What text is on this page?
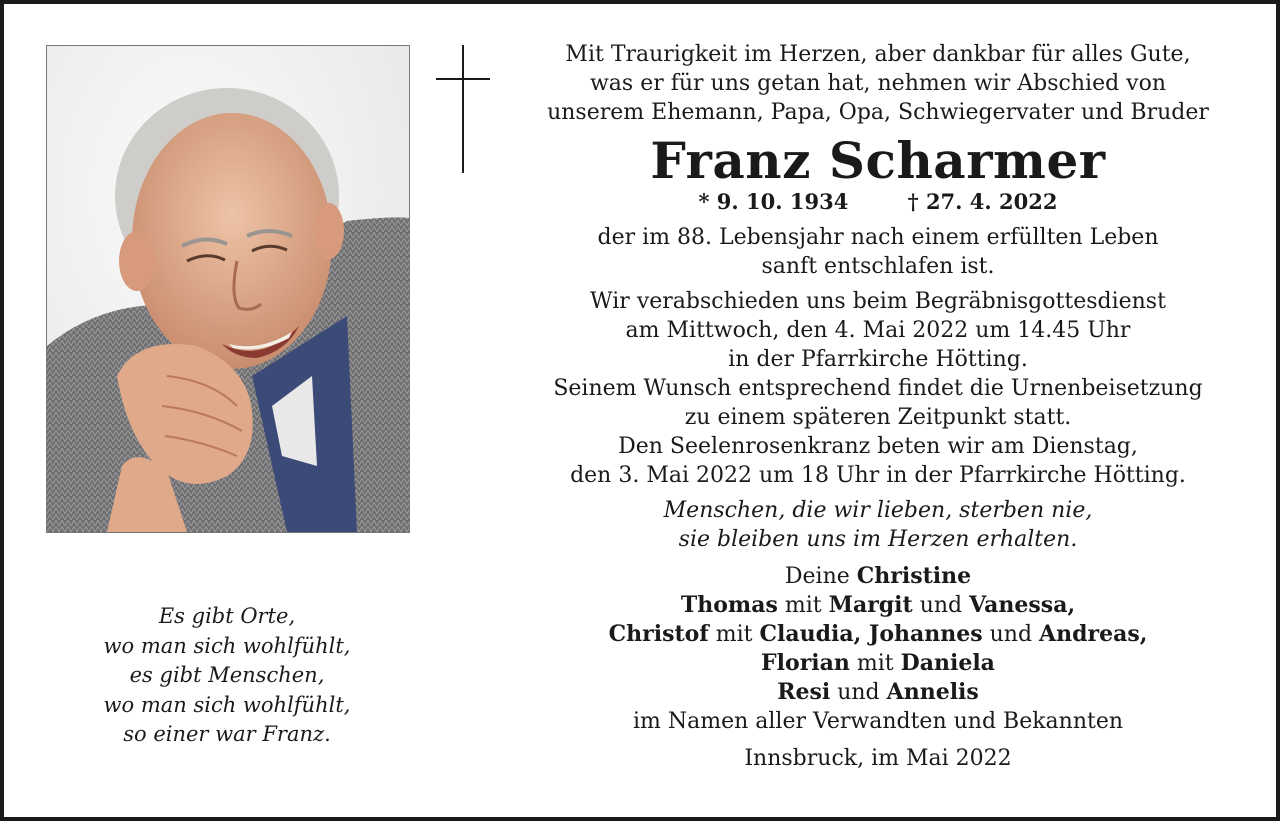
Mit Traurigkeit im Herzen, aber dankbar für alles Gute,
was er für uns getan hat, nehmen wir Abschied von
unserem Ehemann, Papa, Opa, Schwiegervater und Bruder

Franz Scharmer

* 9. 10. 1934	† 27. 4. 2022

der im 88. Lebensjahr nach einem erfüllten Leben
sanft entschlafen ist.

Wir verabschieden uns beim Begräbnisgottesdienst
am Mittwoch, den 4. Mai 2022 um 14.45 Uhr
in der Pfarrkirche Hötting.
Seinem Wunsch entsprechend findet die Urnenbeisetzung
zu einem späteren Zeitpunkt statt.
Den Seelenrosenkranz beten wir am Dienstag,
den 3. Mai 2022 um 18 Uhr in der Pfarrkirche Hötting.

Menschen, die wir lieben, sterben nie,
sie bleiben uns im Herzen erhalten.

Deine Christine
Thomas mit Margit und Vanessa,
Christof mit Claudia, Johannes und Andreas,
Florian mit Daniela
Resi und Annelis
im Namen aller Verwandten und Bekannten

Innsbruck, im Mai 2022

Es gibt Orte,
wo man sich wohlfühlt,
es gibt Menschen,
wo man sich wohlfühlt,
so einer war Franz.
